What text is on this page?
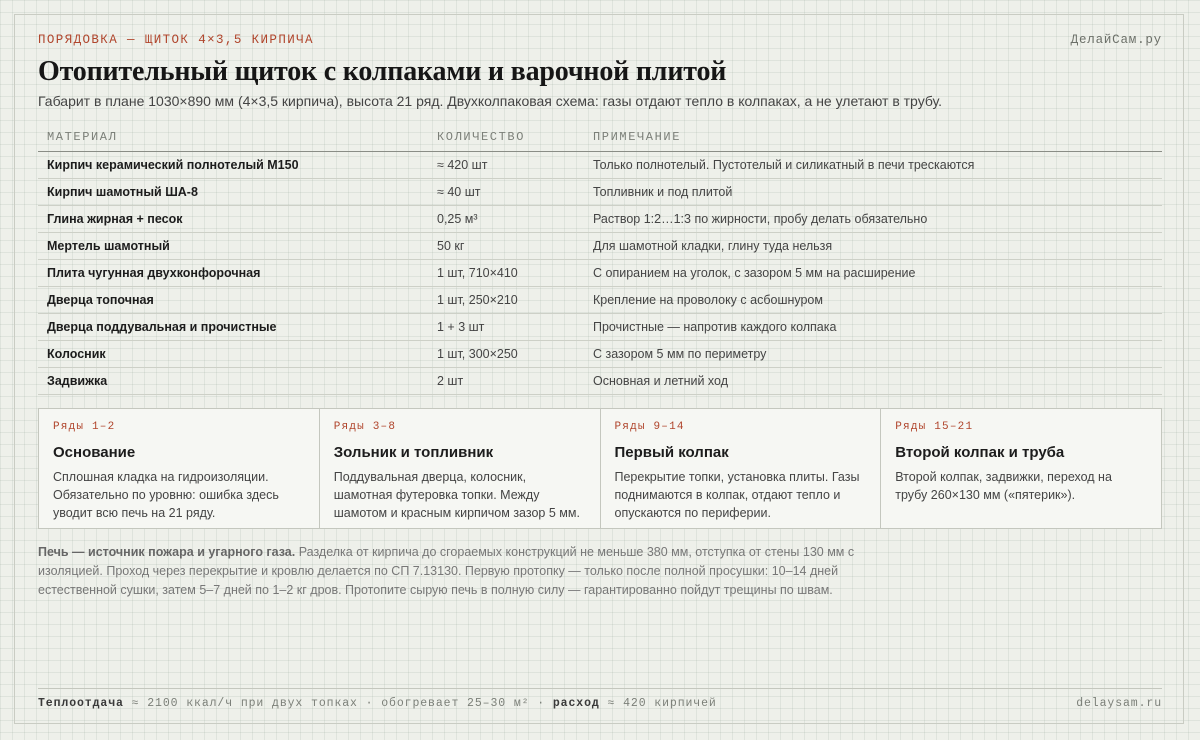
ПОРЯДОВКА — ЩИТОК 4×3,5 КИРПИЧА	ДелайСам.ру
Отопительный щиток с колпаками и варочной плитой
Габарит в плане 1030×890 мм (4×3,5 кирпича), высота 21 ряд. Двухколпаковая схема: газы отдают тепло в колпаках, а не улетают в трубу.
МАТЕРИАЛ	КОЛИЧЕСТВО	ПРИМЕЧАНИЕ
Кирпич керамический полнотелый М150	≈ 420 шт	Только полнотелый. Пустотелый и силикатный в печи трескаются
Кирпич шамотный ША-8	≈ 40 шт	Топливник и под плитой
Глина жирная + песок	0,25 м³	Раствор 1:2…1:3 по жирности, пробу делать обязательно
Мертель шамотный	50 кг	Для шамотной кладки, глину туда нельзя
Плита чугунная двухконфорочная	1 шт, 710×410	С опиранием на уголок, с зазором 5 мм на расширение
Дверца топочная	1 шт, 250×210	Крепление на проволоку с асбошнуром
Дверца поддувальная и прочистные	1 + 3 шт	Прочистные — напротив каждого колпака
Колосник	1 шт, 300×250	С зазором 5 мм по периметру
Задвижка	2 шт	Основная и летний ход
Ряды 1–2
Основание
Сплошная кладка на гидроизоляции. Обязательно по уровню: ошибка здесь уводит всю печь на 21 ряду.
Ряды 3–8
Зольник и топливник
Поддувальная дверца, колосник, шамотная футеровка топки. Между шамотом и красным кирпичом зазор 5 мм.
Ряды 9–14
Первый колпак
Перекрытие топки, установка плиты. Газы поднимаются в колпак, отдают тепло и опускаются по периферии.
Ряды 15–21
Второй колпак и труба
Второй колпак, задвижки, переход на трубу 260×130 мм («пятерик»).
Печь — источник пожара и угарного газа. Разделка от кирпича до сгораемых конструкций не меньше 380 мм, отступка от стены 130 мм с изоляцией. Проход через перекрытие и кровлю делается по СП 7.13130. Первую протопку — только после полной просушки: 10–14 дней естественной сушки, затем 5–7 дней по 1–2 кг дров. Протопите сырую печь в полную силу — гарантированно пойдут трещины по швам.
Теплоотдача ≈ 2100 ккал/ч при двух топках · обогревает 25–30 м² · расход ≈ 420 кирпичей	delaysam.ru
